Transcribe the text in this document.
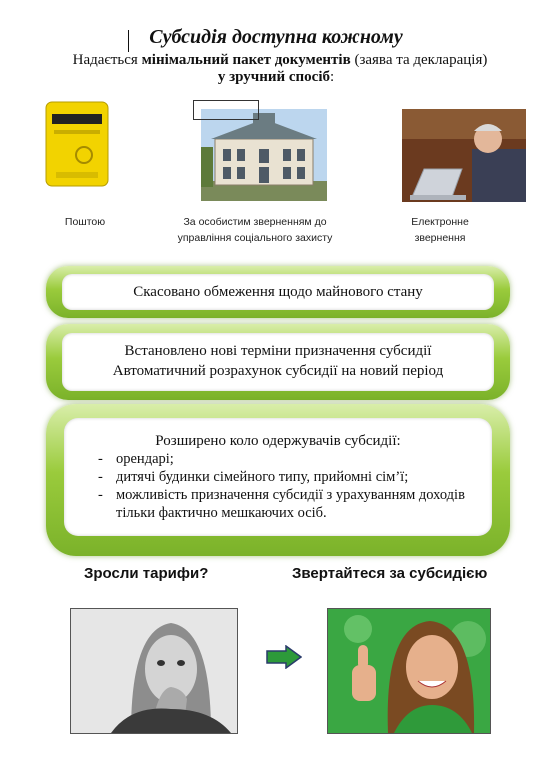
Субсидія доступна кожному
Надається мінімальний пакет документів (заява та декларація)
у зручний спосіб:
Поштою	За особистим зверненням до управління соціального захисту
Електронне звернення
Скасовано обмеження щодо майнового стану
Встановлено нові терміни призначення субсидії
Автоматичний розрахунок субсидії на новий період
Розширено коло одержувачів субсидії:
- орендарі;
- дитячі будинки сімейного типу, прийомні сім’ї;
- можливість призначення субсидії з урахуванням доходів тільки фактично мешкаючих осіб.
Зросли тарифи?	Звертайтеся за субсидією
